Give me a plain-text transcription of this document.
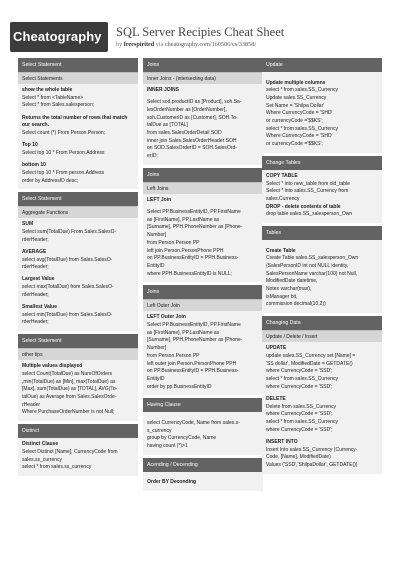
Cheatography SQL Server Recipies Cheat Sheet
by freespirited via cheatography.com/160506/cs/33858/
Select Statement
Select Statements
show the whole table
Select * from <TableName>
Select * from Sales.salesperson;
Returns the total number of rows that match
our search.
Select count (*) From Person.Person;
Top 10
Select top 10 * From Person.Address
bottom 10
Select top 10 * From person.Address
order by AddressID desc;
Select Statement
Aggregate Functions
SUM
Select sum(TotalDue) From Sales.SalesO-
rderHeader;
AVERAGE
select avg(TotalDue) from Sales.SalesO-
rderHeader;
Largest Value
select max(TotalDue) from Sales.SalesO-
rderHeader;
Smallest Value
select min(TotalDue) from Sales.SalesO-
rderHeader;
Select Statement
other tips
Multiple values displayed
select Count(TotalDue) as NumOfOrders
,min(TotalDue) as [Min], max(TotalDue) as
[Max], sum(TotalDue) as [TOTAL], AVG(To-
talDue) as Average from Sales.SalesOrde-
rHeader
Where PurchaseOrderNumber is not Null;
Distinct
Distinct Clause
Select Distinct [Name], CurrencyCode from
sales.ss_currency
select * from sales.ss_currency
Joins
Inner Joins - (intersecting data)
INNER JOINS
Select sod.productID as [Product], soh.Sa-
lesOrderNumber as [OrderNumber],
soh.CustomerID as [Customer], SOH.To-
talDue as [TOTAL]
from sales.SalesOrderDetail SOD
inner join Sales.SalesOrderHeader SOH
on SOD.SalesOrderID = SOH.SalesOrd-
erID;
Joins
Left Joins
LEFT Join
Select PP.BusinessEntityID, PP.FirstName
as [FirstName], PP.LastName as
[Surname], PPH.PhoneNumber as [Phone-
Number]
from Person.Person PP
left join Person.PersonPhone PPH
on PP.BusinessEntityID = PPH.Business-
EntityID
where PPH.BusinessEntityID is NULL;
Joins
Left Outer Join
LEFT Outer Join
Select PP.BusinessEntityID, PP.FirstName
as [FirstName], PP.LastName as
[Surname], PPH.PhoneNumber as [Phone-
Number]
from Person.Person PP
left outer join Person.PersonPhone PPH
on PP.BusinessEntityID = PPH.Business-
EntityID
order by pp.BusinessEntityID
Having Clause
select CurrencyCode, Name from sales.s-
s_currency
group by CurrencyCode, Name
having count (*)>1
Acending / Decending
Order BY Deconding
Update
Update multiple columns
select * from sales.SS_Currency
Update sales.SS_Currency
Set Name = 'Shilpa Dollar'
Where CurrencyCode = 'SHD'
or currencyCode ='$$KS';
select * from sales.SS_Currency
Where CurrencyCode = 'SHD'
or currencyCode ='$$KS';
Change Tables
COPY TABLE
Select * into new_table from old_table
Select * into sales.SS_Currency from
sales.Currency
DROP - delete contents of table
drop table sales.SS_salesperson_Own
Tables
Create Table
Create Table sales.SS_salesperson_Own
(SalesPersonID int not NULL identity,
SalesPersonName varchar(100) not Null,
ModifiedDate datetime,
Notes varchar(max),
isManager bit,
commission decimal(10,2))
Changing Data
Update / Delete / Insert
UPDATE
update sales.SS_Currency set [Name] =
'SS dollar', ModifiedDate = GETDATE()
where CurrencyCode = 'SSD';
select * from sales.SS_Currency
where CurrencyCode = 'SSD';
DELETE
Delete from sales.SS_Currency
where CurrencyCode = 'SSD';
select * from sales.SS_Currency
where CurrencyCode = 'SSD';
INSERT INTO
Insert Into sales.SS_Currency (Currency-
Code, [Name], ModifiedDate)
Values ('SSD','ShilpaDollar', GETDATE())
